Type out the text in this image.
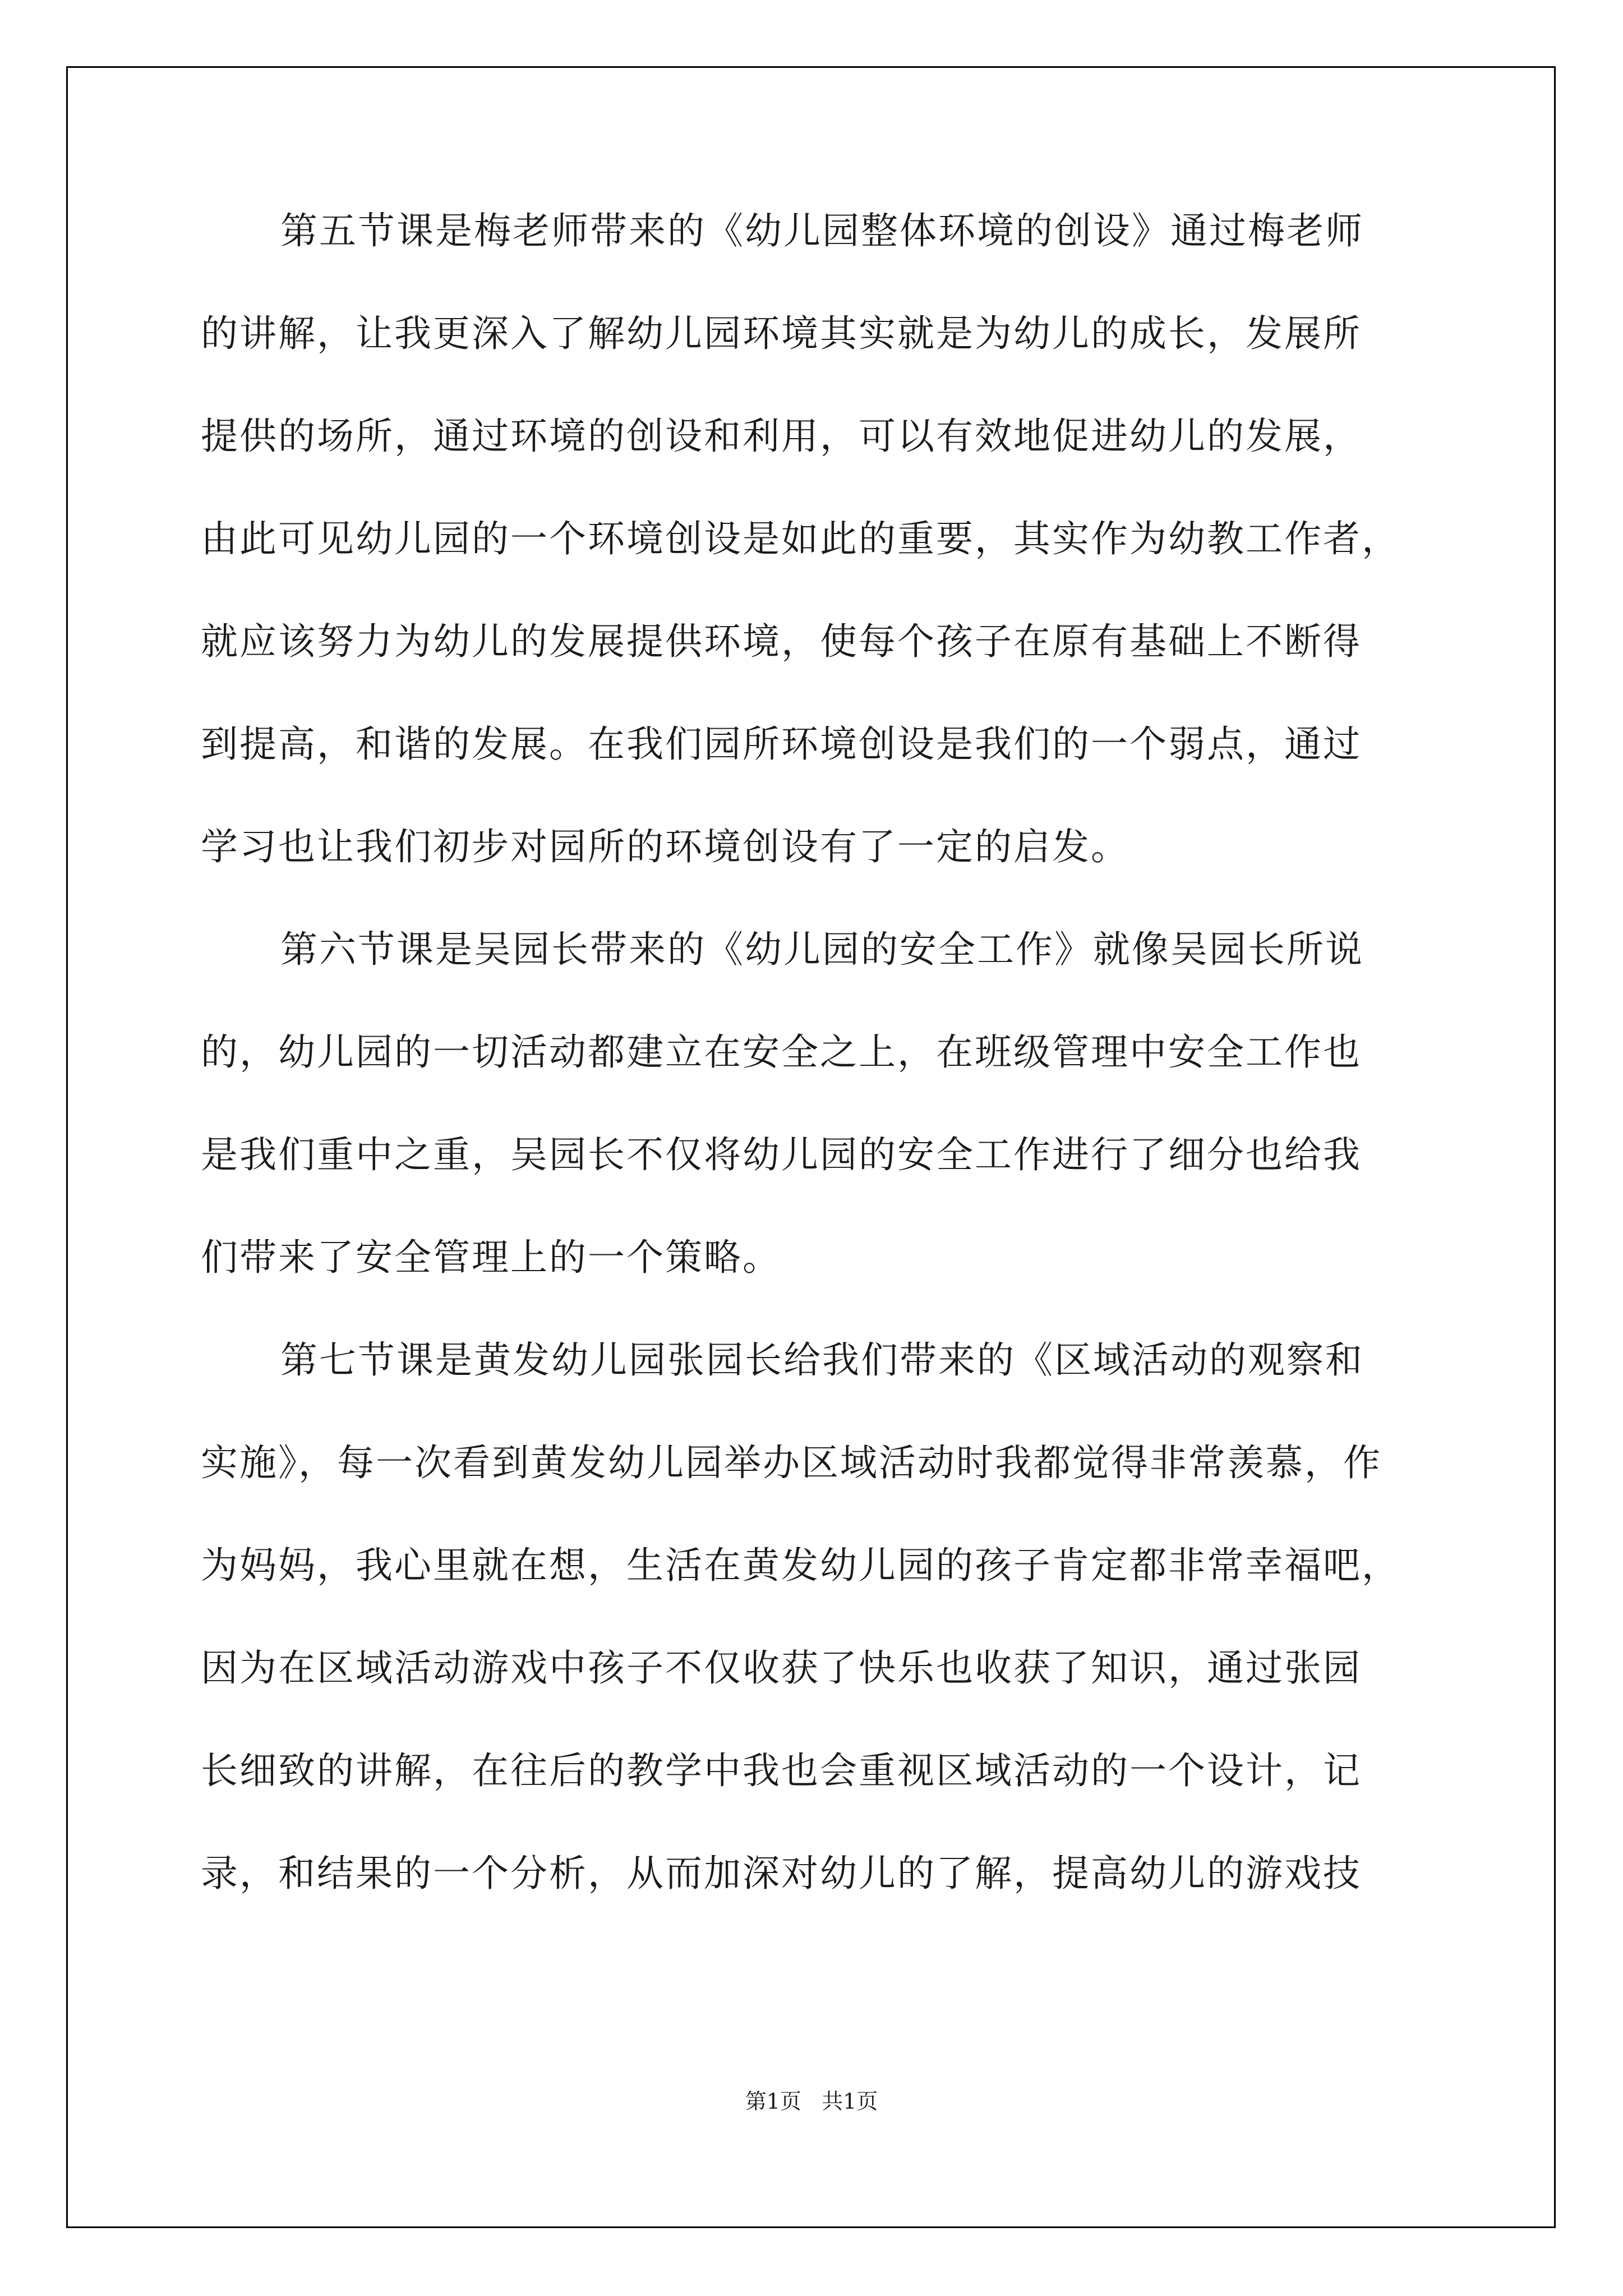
第五节课是梅老师带来的《幼儿园整体环境的创设》通过梅老师
的讲解，让我更深入了解幼儿园环境其实就是为幼儿的成长，发展所
提供的场所，通过环境的创设和利用，可以有效地促进幼儿的发展，
由此可见幼儿园的一个环境创设是如此的重要，其实作为幼教工作者，
就应该努力为幼儿的发展提供环境，使每个孩子在原有基础上不断得
到提高，和谐的发展。在我们园所环境创设是我们的一个弱点，通过
学习也让我们初步对园所的环境创设有了一定的启发。
第六节课是吴园长带来的《幼儿园的安全工作》就像吴园长所说
的，幼儿园的一切活动都建立在安全之上，在班级管理中安全工作也
是我们重中之重，吴园长不仅将幼儿园的安全工作进行了细分也给我
们带来了安全管理上的一个策略。
第七节课是黄发幼儿园张园长给我们带来的《区域活动的观察和
实施》，每一次看到黄发幼儿园举办区域活动时我都觉得非常羡慕，作
为妈妈，我心里就在想，生活在黄发幼儿园的孩子肯定都非常幸福吧，
因为在区域活动游戏中孩子不仅收获了快乐也收获了知识，通过张园
长细致的讲解，在往后的教学中我也会重视区域活动的一个设计，记
录，和结果的一个分析，从而加深对幼儿的了解，提高幼儿的游戏技
第1页   共1页
